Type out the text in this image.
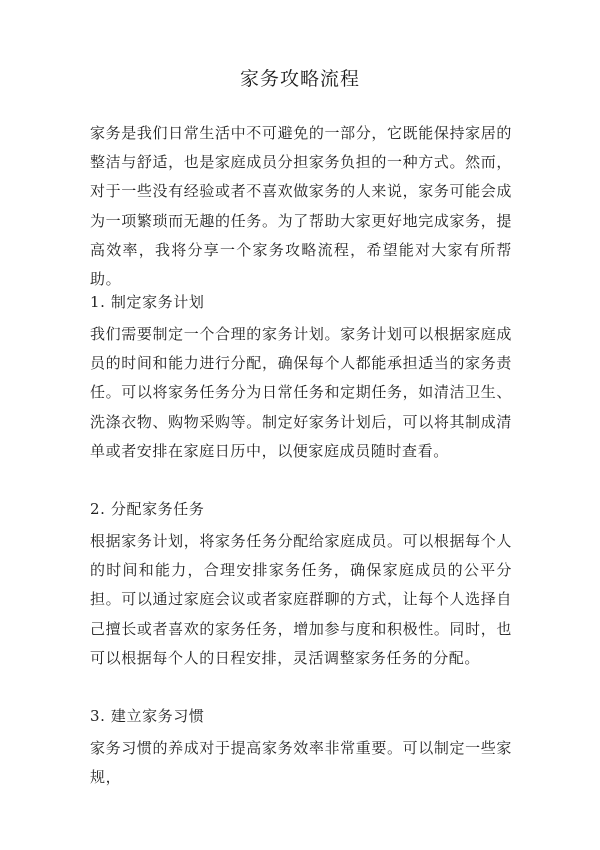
家务攻略流程

家务是我们日常生活中不可避免的一部分，它既能保持家居的整洁与舒适，也是家庭成员分担家务负担的一种方式。然而，对于一些没有经验或者不喜欢做家务的人来说，家务可能会成为一项繁琐而无趣的任务。为了帮助大家更好地完成家务，提高效率，我将分享一个家务攻略流程，希望能对大家有所帮助。

1. 制定家务计划

我们需要制定一个合理的家务计划。家务计划可以根据家庭成员的时间和能力进行分配，确保每个人都能承担适当的家务责任。可以将家务任务分为日常任务和定期任务，如清洁卫生、洗涤衣物、购物采购等。制定好家务计划后，可以将其制成清单或者安排在家庭日历中，以便家庭成员随时查看。

2. 分配家务任务

根据家务计划，将家务任务分配给家庭成员。可以根据每个人的时间和能力，合理安排家务任务，确保家庭成员的公平分担。可以通过家庭会议或者家庭群聊的方式，让每个人选择自己擅长或者喜欢的家务任务，增加参与度和积极性。同时，也可以根据每个人的日程安排，灵活调整家务任务的分配。

3. 建立家务习惯

家务习惯的养成对于提高家务效率非常重要。可以制定一些家规，
